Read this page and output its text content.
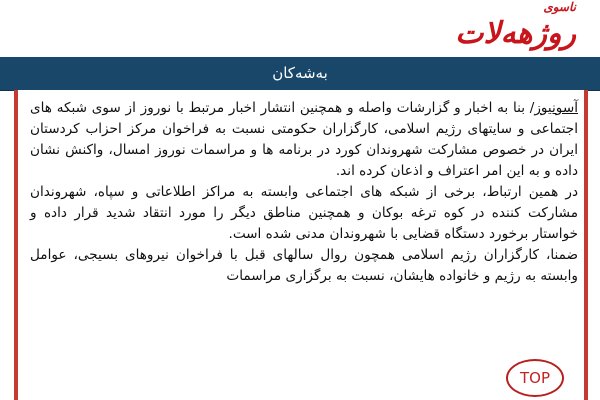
ناسوی
روژهه‌لات
به‌شه‌کان

آسونیوز/ بنا به اخبار و گزارشات واصله و همچنین انتشار اخبار مرتبط با نوروز از سوی شبکه های اجتماعی و سایتهای رژیم اسلامی، کارگزاران حکومتی نسبت به فراخوان مرکز احزاب کردستان ایران در خصوص مشارکت شهروندان کورد در برنامه ها و مراسمات نوروز امسال، واکنش نشان داده و به این امر اعتراف و اذعان کرده اند.

در همین ارتباط، برخی از شبکه های اجتماعی وابسته به مراکز اطلاعاتی و سپاه، شهروندان مشارکت کننده در کوه ترغه بوکان و همچنین مناطق دیگر را مورد انتقاد شدید قرار داده و خواستار برخورد دستگاه قضایی با شهروندان مدنی شده است.

ضمنا، کارگزاران رژیم اسلامی همچون روال سالهای قبل با فراخوان نیروهای بسیجی، عوامل وابسته به رژیم و خانواده هایشان، نسبت به برگزاری مراسمات

TOP
